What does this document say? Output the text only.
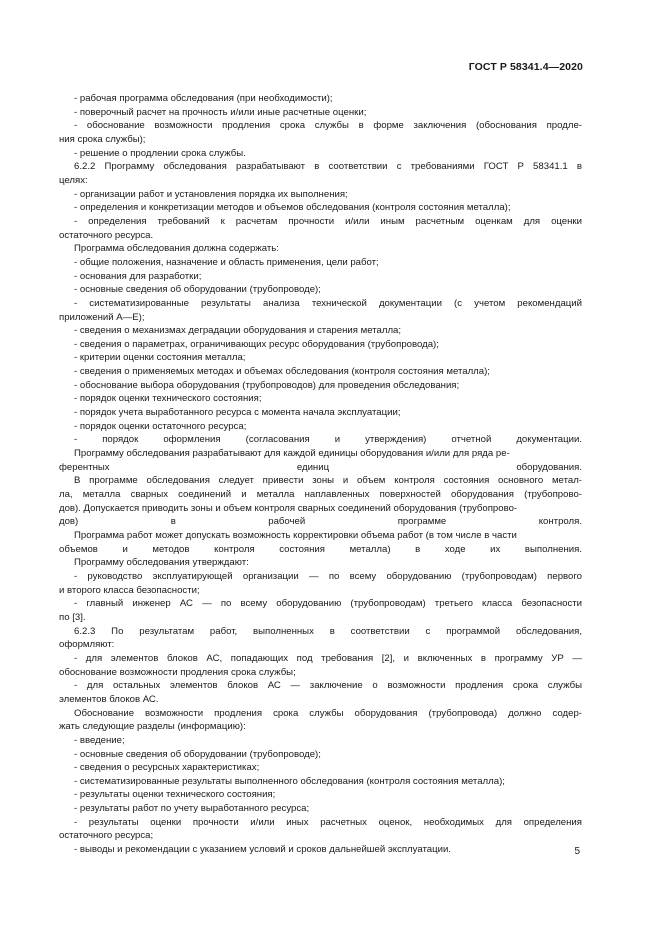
ГОСТ Р 58341.4—2020
- рабочая программа обследования (при необходимости);
- поверочный расчет на прочность и/или иные расчетные оценки;
- обоснование возможности продления срока службы в форме заключения (обоснования продле-
ния срока службы);
- решение о продлении срока службы.
6.2.2 Программу обследования разрабатывают в соответствии с требованиями ГОСТ Р 58341.1 в
целях:
- организации работ и установления порядка их выполнения;
- определения и конкретизации методов и объемов обследования (контроля состояния металла);
- определения требований к расчетам прочности и/или иным расчетным оценкам для оценки
остаточного ресурса.
Программа обследования должна содержать:
- общие положения, назначение и область применения, цели работ;
- основания для разработки;
- основные сведения об оборудовании (трубопроводе);
- систематизированные результаты анализа технической документации (с учетом рекомендаций
приложений А—Е);
- сведения о механизмах деградации оборудования и старения металла;
- сведения о параметрах, ограничивающих ресурс оборудования (трубопровода);
- критерии оценки состояния металла;
- сведения о применяемых методах и объемах обследования (контроля состояния металла);
- обоснование выбора оборудования (трубопроводов) для проведения обследования;
- порядок оценки технического состояния;
- порядок учета выработанного ресурса с момента начала эксплуатации;
- порядок оценки остаточного ресурса;
- порядок оформления (согласования и утверждения) отчетной документации.
Программу обследования разрабатывают для каждой единицы оборудования и/или для ряда ре-
ферентных единиц оборудования.
В программе обследования следует привести зоны и объем контроля состояния основного метал-
ла, металла сварных соединений и металла наплавленных поверхностей оборудования (трубопрово-
дов). Допускается приводить зоны и объем контроля сварных соединений оборудования (трубопрово-
дов) в рабочей программе контроля.
Программа работ может допускать возможность корректировки объема работ (в том числе в части
объемов и методов контроля состояния металла) в ходе их выполнения.
Программу обследования утверждают:
- руководство эксплуатирующей организации — по всему оборудованию (трубопроводам) первого
и второго класса безопасности;
- главный инженер АС — по всему оборудованию (трубопроводам) третьего класса безопасности
по [3].
6.2.3 По результатам работ, выполненных в соответствии с программой обследования,
оформляют:
- для элементов блоков АС, попадающих под требования [2], и включенных в программу УР —
обоснование возможности продления срока службы;
- для остальных элементов блоков АС — заключение о возможности продления срока службы
элементов блоков АС.
Обоснование возможности продления срока службы оборудования (трубопровода) должно содер-
жать следующие разделы (информацию):
- введение;
- основные сведения об оборудовании (трубопроводе);
- сведения о ресурсных характеристиках;
- систематизированные результаты выполненного обследования (контроля состояния металла);
- результаты оценки технического состояния;
- результаты работ по учету выработанного ресурса;
- результаты оценки прочности и/или иных расчетных оценок, необходимых для определения
остаточного ресурса;
- выводы и рекомендации с указанием условий и сроков дальнейшей эксплуатации.	5
